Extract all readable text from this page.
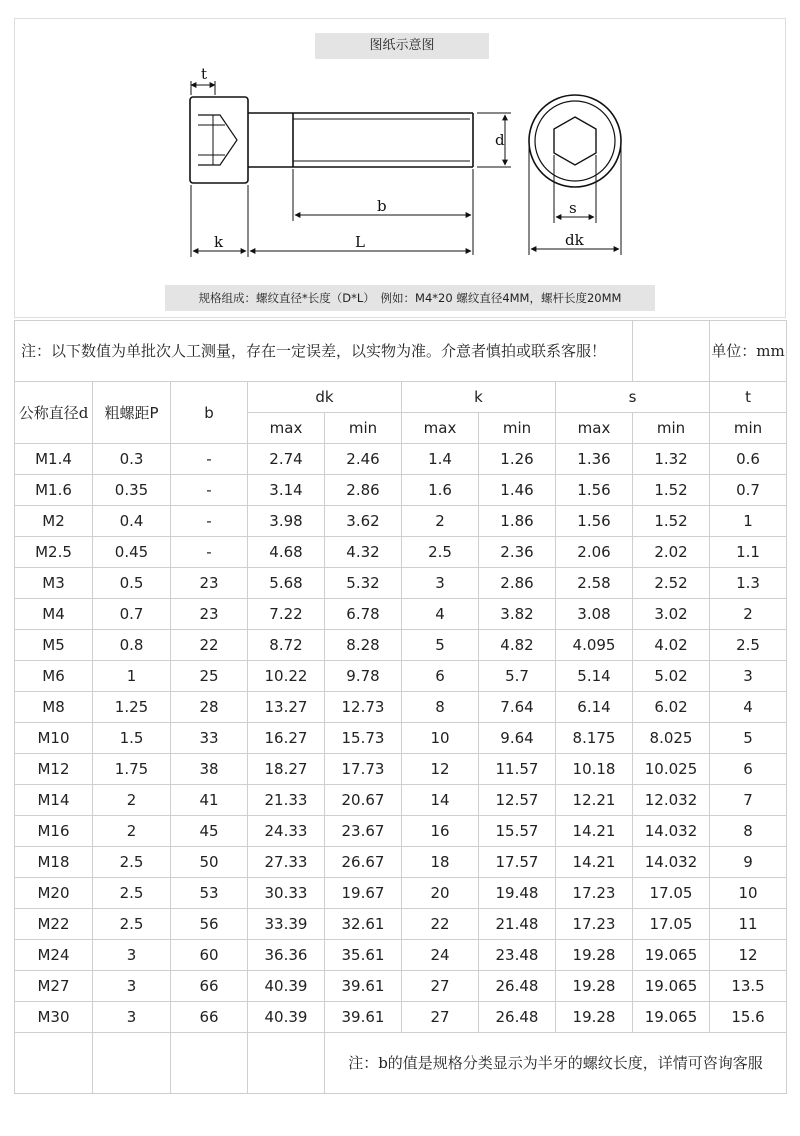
图纸示意图
t
d
b
k	L
s
dk
规格组成：螺纹直径*长度（D*L）　例如：M4*20 螺纹直径4MM，螺杆长度20MM
注：以下数值为单批次人工测量，存在一定误差，以实物为准。介意者慎拍或联系客服！									单位：mm
公称直径d	粗螺距P	b	dk		k		s		t
			max	min	max	min	max	min	min
M1.4	0.3	-	2.74	2.46	1.4	1.26	1.36	1.32	0.6
M1.6	0.35	-	3.14	2.86	1.6	1.46	1.56	1.52	0.7
M2	0.4	-	3.98	3.62	2	1.86	1.56	1.52	1
M2.5	0.45	-	4.68	4.32	2.5	2.36	2.06	2.02	1.1
M3	0.5	23	5.68	5.32	3	2.86	2.58	2.52	1.3
M4	0.7	23	7.22	6.78	4	3.82	3.08	3.02	2
M5	0.8	22	8.72	8.28	5	4.82	4.095	4.02	2.5
M6	1	25	10.22	9.78	6	5.7	5.14	5.02	3
M8	1.25	28	13.27	12.73	8	7.64	6.14	6.02	4
M10	1.5	33	16.27	15.73	10	9.64	8.175	8.025	5
M12	1.75	38	18.27	17.73	12	11.57	10.18	10.025	6
M14	2	41	21.33	20.67	14	12.57	12.21	12.032	7
M16	2	45	24.33	23.67	16	15.57	14.21	14.032	8
M18	2.5	50	27.33	26.67	18	17.57	14.21	14.032	9
M20	2.5	53	30.33	19.67	20	19.48	17.23	17.05	10
M22	2.5	56	33.39	32.61	22	21.48	17.23	17.05	11
M24	3	60	36.36	35.61	24	23.48	19.28	19.065	12
M27	3	66	40.39	39.61	27	26.48	19.28	19.065	13.5
M30	3	66	40.39	39.61	27	26.48	19.28	19.065	15.6
				注：b的值是规格分类显示为半牙的螺纹长度，详情可咨询客服					
